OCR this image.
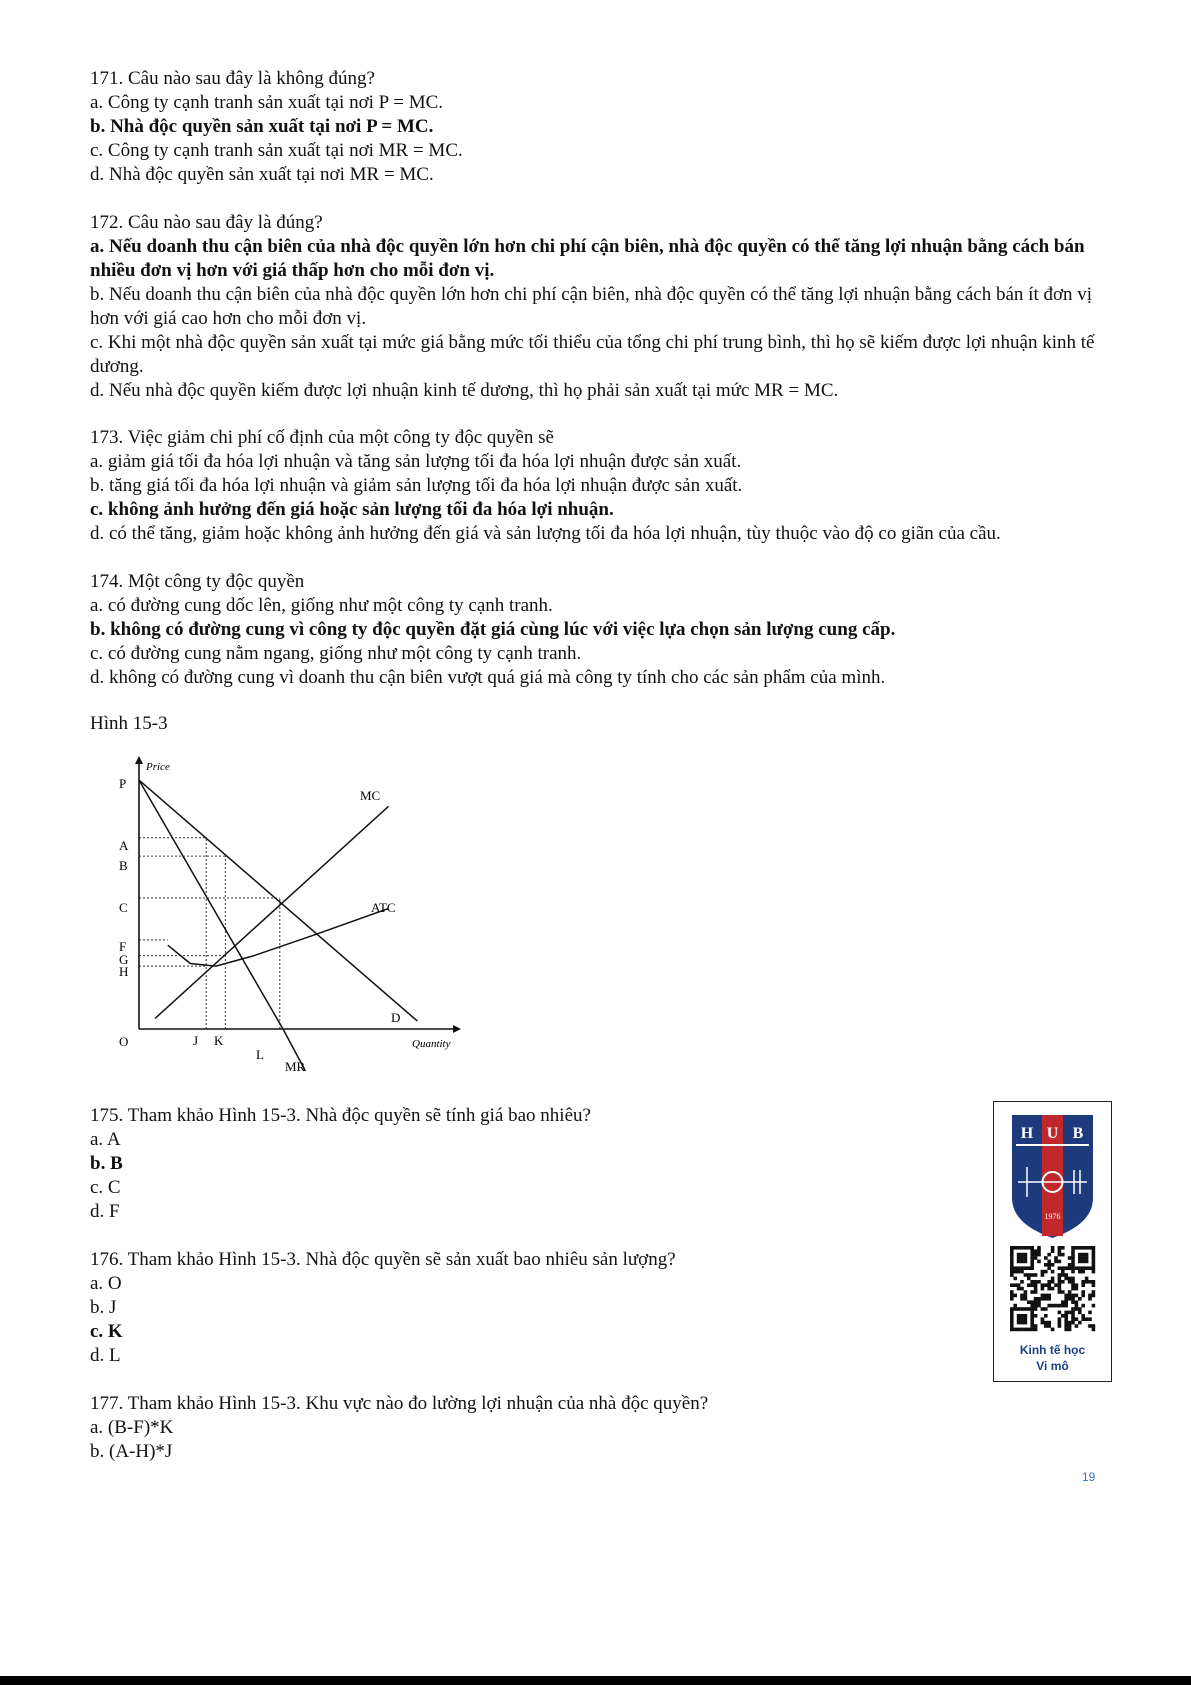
171. Câu nào sau đây là không đúng?

a. Công ty cạnh tranh sản xuất tại nơi P = MC.

b. Nhà độc quyền sản xuất tại nơi P = MC.

c. Công ty cạnh tranh sản xuất tại nơi MR = MC.

d. Nhà độc quyền sản xuất tại nơi MR = MC.

172. Câu nào sau đây là đúng?

a. Nếu doanh thu cận biên của nhà độc quyền lớn hơn chi phí cận biên, nhà độc quyền có thể tăng lợi nhuận bằng cách bán nhiều đơn vị hơn với giá thấp hơn cho mỗi đơn vị.

b. Nếu doanh thu cận biên của nhà độc quyền lớn hơn chi phí cận biên, nhà độc quyền có thể tăng lợi nhuận bằng cách bán ít đơn vị hơn với giá cao hơn cho mỗi đơn vị.

c. Khi một nhà độc quyền sản xuất tại mức giá bằng mức tối thiểu của tổng chi phí trung bình, thì họ sẽ kiếm được lợi nhuận kinh tế dương.

d. Nếu nhà độc quyền kiếm được lợi nhuận kinh tế dương, thì họ phải sản xuất tại mức MR = MC.

173. Việc giảm chi phí cố định của một công ty độc quyền sẽ

a. giảm giá tối đa hóa lợi nhuận và tăng sản lượng tối đa hóa lợi nhuận được sản xuất.

b. tăng giá tối đa hóa lợi nhuận và giảm sản lượng tối đa hóa lợi nhuận được sản xuất.

c. không ảnh hưởng đến giá hoặc sản lượng tối đa hóa lợi nhuận.

d. có thể tăng, giảm hoặc không ảnh hưởng đến giá và sản lượng tối đa hóa lợi nhuận, tùy thuộc vào độ co giãn của cầu.

174. Một công ty độc quyền

a. có đường cung dốc lên, giống như một công ty cạnh tranh.

b. không có đường cung vì công ty độc quyền đặt giá cùng lúc với việc lựa chọn sản lượng cung cấp.

c. có đường cung nằm ngang, giống như một công ty cạnh tranh.

d. không có đường cung vì doanh thu cận biên vượt quá giá mà công ty tính cho các sản phẩm của mình.

Hình 15-3
Price
Quantity
O
P
A
B
C
F
G
H
J K
L
MC
ATC
D
MR

175. Tham khảo Hình 15-3. Nhà độc quyền sẽ tính giá bao nhiêu?

a. A

b. B

c. C

d. F

176. Tham khảo Hình 15-3. Nhà độc quyền sẽ sản xuất bao nhiêu sản lượng?

a. O

b. J

c. K

d. L

177. Tham khảo Hình 15-3. Khu vực nào đo lường lợi nhuận của nhà độc quyền?

a. (B-F)*K

b. (A-H)*J

H U B
1976
Kinh tế học
Vi mô
19
